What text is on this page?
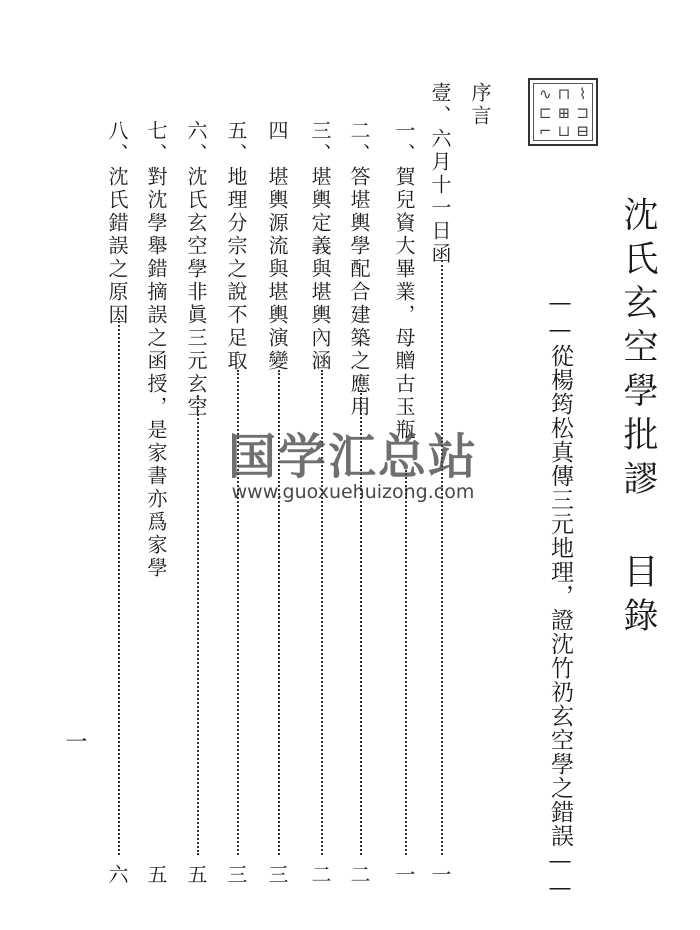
∿ ⊓ ⌇
⊏ ⊞ ⊐
⌐ ⊔ ⊟
沈氏玄空學批謬 目錄
——從楊筠松真傳三元地理，證沈竹礽玄空學之錯誤——
序言
壹、六月十一日函
一
一、賀兒資大畢業，母贈古玉瓶
一
二、答堪輿學配合建築之應用
二
三、堪輿定義與堪輿內涵
二
四　堪輿源流與堪輿演變
三
五、地理分宗之說不足取
三
六、沈氏玄空學非眞三元玄空
五
七、對沈學舉錯摘誤之函授，是家書亦爲家學
五
八、沈氏錯誤之原因
六
一
国学汇总站
www.guoxuehuizong.com
